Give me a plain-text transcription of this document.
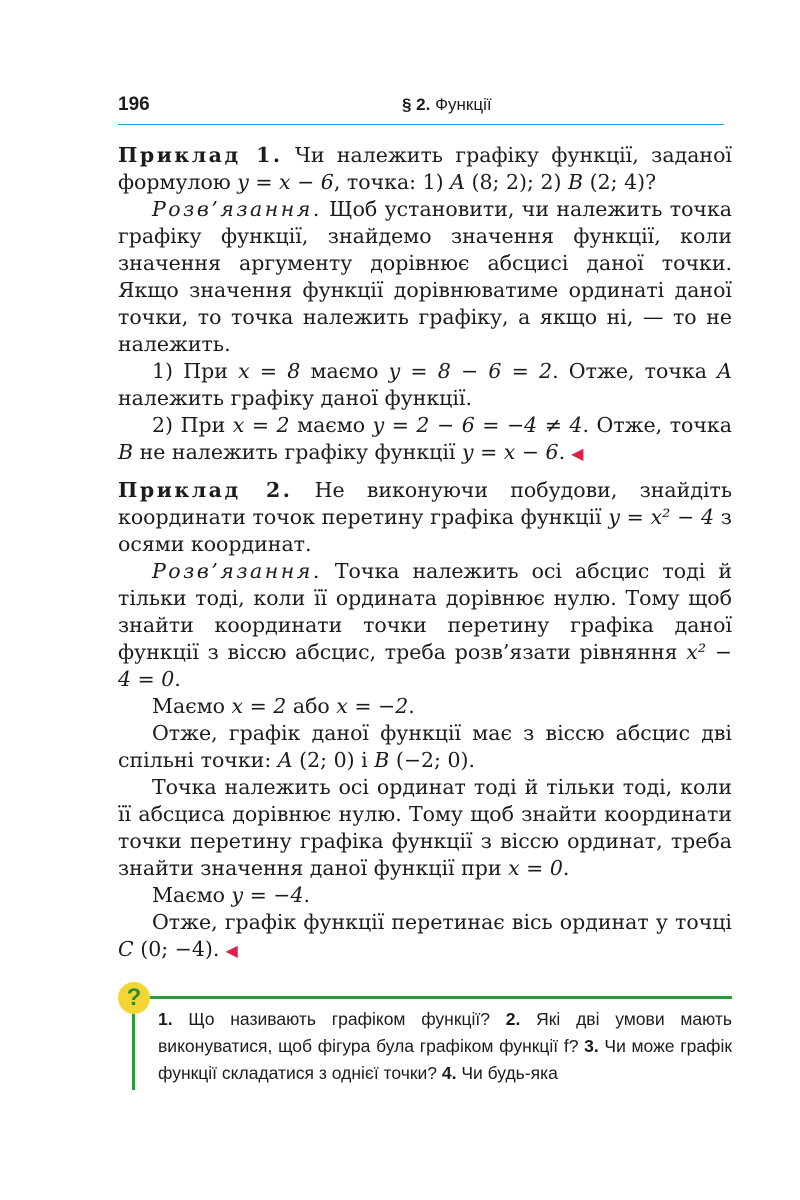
196	§ 2. Функції

Приклад 1. Чи належить графіку функції, заданої формулою y = x − 6, точка: 1) A (8; 2); 2) B (2; 4)?

Розв’язання. Щоб установити, чи належить точка графіку функції, знайдемо значення функції, коли значення аргументу дорівнює абсцисі даної точки. Якщо значення функції дорівнюватиме ординаті даної точки, то точка належить графіку, а якщо ні, — то не належить.

1) При x = 8 маємо y = 8 − 6 = 2. Отже, точка A належить графіку даної функції.

2) При x = 2 маємо y = 2 − 6 = −4 ≠ 4. Отже, точка B не належить графіку функції y = x − 6. ◀

Приклад 2. Не виконуючи побудови, знайдіть координати точок перетину графіка функції y = x² − 4 з осями координат.

Розв’язання. Точка належить осі абсцис тоді й тільки тоді, коли її ордината дорівнює нулю. Тому щоб знайти координати точки перетину графіка даної функції з віссю абсцис, треба розв’язати рівняння x² − 4 = 0.

Маємо x = 2 або x = −2.

Отже, графік даної функції має з віссю абсцис дві спільні точки: A (2; 0) і B (−2; 0).

Точка належить осі ординат тоді й тільки тоді, коли її абсциса дорівнює нулю. Тому щоб знайти координати точки перетину графіка функції з віссю ординат, треба знайти значення даної функції при x = 0.

Маємо y = −4.

Отже, графік функції перетинає вісь ординат у точці C (0; −4). ◀

?
1. Що називають графіком функції? 2. Які дві умови мають виконуватися, щоб фігура була графіком функції f? 3. Чи може графік функції складатися з однієї точки? 4. Чи будь-яка
